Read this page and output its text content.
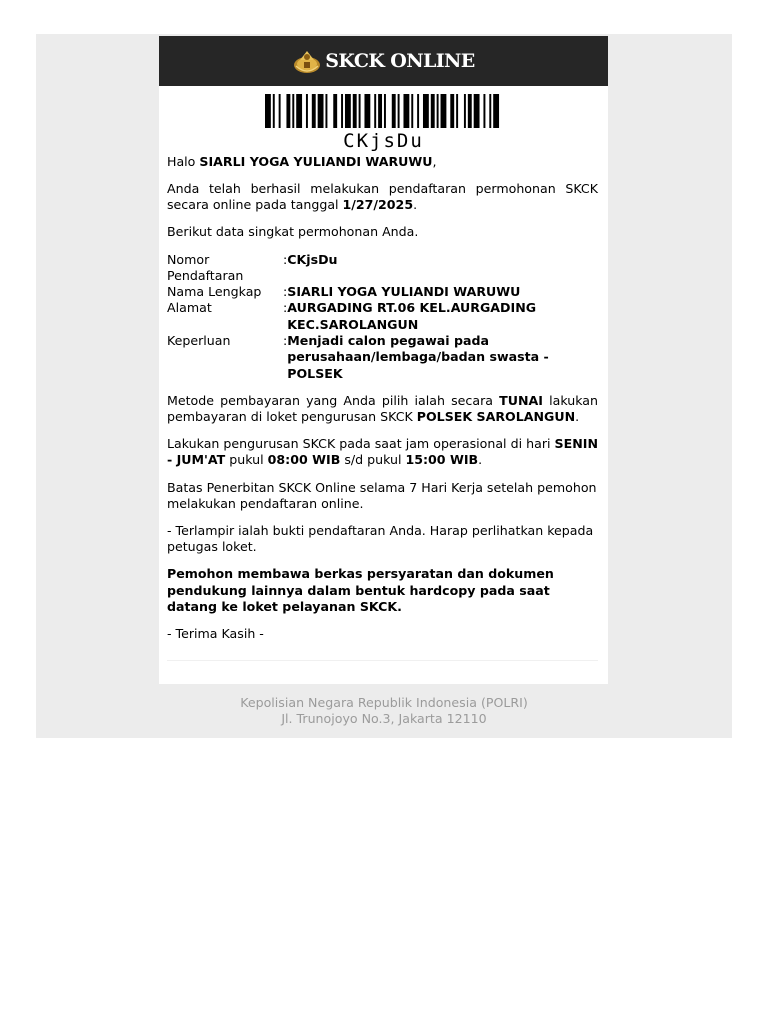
SKCK ONLINE
CKjsDu

Halo SIARLI YOGA YULIANDI WARUWU,

Anda telah berhasil melakukan pendaftaran permohonan SKCK secara online pada tanggal 1/27/2025.

Berikut data singkat permohonan Anda.

Nomor Pendaftaran	:	CKjsDu
Nama Lengkap	:	SIARLI YOGA YULIANDI WARUWU
Alamat	:	AURGADING RT.06 KEL.AURGADING KEC.SAROLANGUN
Keperluan	:	Menjadi calon pegawai pada perusahaan/lembaga/badan swasta - POLSEK

Metode pembayaran yang Anda pilih ialah secara TUNAI lakukan pembayaran di loket pengurusan SKCK POLSEK SAROLANGUN.

Lakukan pengurusan SKCK pada saat jam operasional di hari SENIN - JUM'AT pukul 08:00 WIB s/d pukul 15:00 WIB.

Batas Penerbitan SKCK Online selama 7 Hari Kerja setelah pemohon melakukan pendaftaran online.

- Terlampir ialah bukti pendaftaran Anda. Harap perlihatkan kepada petugas loket.

Pemohon membawa berkas persyaratan dan dokumen pendukung lainnya dalam bentuk hardcopy pada saat datang ke loket pelayanan SKCK.

- Terima Kasih -

Kepolisian Negara Republik Indonesia (POLRI)
Jl. Trunojoyo No.3, Jakarta 12110
